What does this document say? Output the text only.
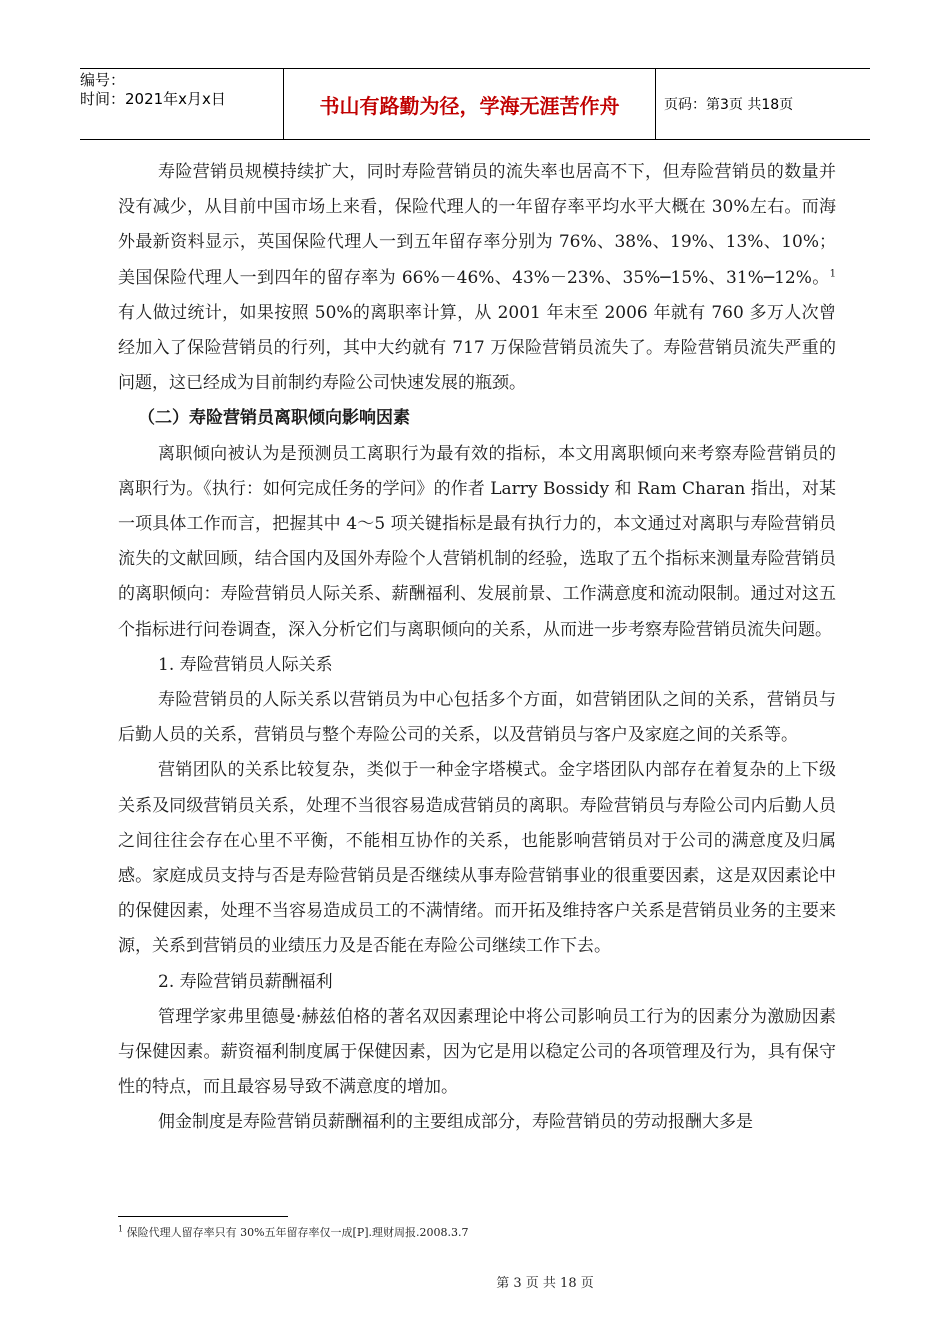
编号：
时间：2021年x月x日	书山有路勤为径，学海无涯苦作舟	页码：第3页 共18页

寿险营销员规模持续扩大，同时寿险营销员的流失率也居高不下，但寿险营销员的数量并没有减少，从目前中国市场上来看，保险代理人的一年留存率平均水平大概在 30%左右。而海外最新资料显示，英国保险代理人一到五年留存率分别为 76%、38%、19%、13%、10%；美国保险代理人一到四年的留存率为 66%－46%、43%－23%、35%─15%、31%─12%。$^1$有人做过统计，如果按照 50%的离职率计算，从 2001 年末至 2006 年就有 760 多万人次曾经加入了保险营销员的行列，其中大约就有 717 万保险营销员流失了。寿险营销员流失严重的问题，这已经成为目前制约寿险公司快速发展的瓶颈。

（二）寿险营销员离职倾向影响因素

离职倾向被认为是预测员工离职行为最有效的指标，本文用离职倾向来考察寿险营销员的离职行为。《执行：如何完成任务的学问》的作者 Larry Bossidy 和 Ram Charan 指出，对某一项具体工作而言，把握其中 4～5 项关键指标是最有执行力的，本文通过对离职与寿险营销员流失的文献回顾，结合国内及国外寿险个人营销机制的经验，选取了五个指标来测量寿险营销员的离职倾向：寿险营销员人际关系、薪酬福利、发展前景、工作满意度和流动限制。通过对这五个指标进行问卷调查，深入分析它们与离职倾向的关系，从而进一步考察寿险营销员流失问题。

1. 寿险营销员人际关系

寿险营销员的人际关系以营销员为中心包括多个方面，如营销团队之间的关系，营销员与后勤人员的关系，营销员与整个寿险公司的关系，以及营销员与客户及家庭之间的关系等。

营销团队的关系比较复杂，类似于一种金字塔模式。金字塔团队内部存在着复杂的上下级关系及同级营销员关系，处理不当很容易造成营销员的离职。寿险营销员与寿险公司内后勤人员之间往往会存在心里不平衡，不能相互协作的关系，也能影响营销员对于公司的满意度及归属感。家庭成员支持与否是寿险营销员是否继续从事寿险营销事业的很重要因素，这是双因素论中的保健因素，处理不当容易造成员工的不满情绪。而开拓及维持客户关系是营销员业务的主要来源，关系到营销员的业绩压力及是否能在寿险公司继续工作下去。

2. 寿险营销员薪酬福利

管理学家弗里德曼·赫兹伯格的著名双因素理论中将公司影响员工行为的因素分为激励因素与保健因素。薪资福利制度属于保健因素，因为它是用以稳定公司的各项管理及行为，具有保守性的特点，而且最容易导致不满意度的增加。

佣金制度是寿险营销员薪酬福利的主要组成部分，寿险营销员的劳动报酬大多是

$^1$ 保险代理人留存率只有 30%五年留存率仅一成[P].理财周报.2008.3.7
第 3 页 共 18 页
